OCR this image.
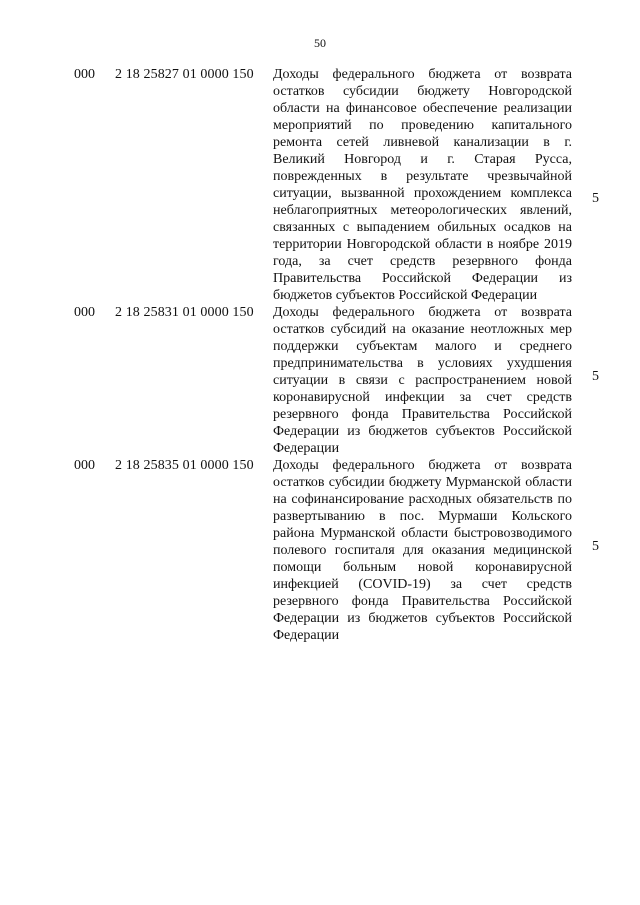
50
000 2 18 25827 01 0000 150 Доходы федерального бюджета от возврата остатков субсидии бюджету Новгородской области на финансовое обеспечение реализации мероприятий по проведению капитального ремонта сетей ливневой канализации в г. Великий Новгород и г. Старая Русса, поврежденных в результате чрезвычайной ситуации, вызванной прохождением комплекса неблагоприятных метеорологических явлений, связанных с выпадением обильных осадков на территории Новгородской области в ноябре 2019 года, за счет средств резервного фонда Правительства Российской Федерации из бюджетов субъектов Российской Федерации
5
000 2 18 25831 01 0000 150 Доходы федерального бюджета от возврата остатков субсидий на оказание неотложных мер поддержки субъектам малого и среднего предпринимательства в условиях ухудшения ситуации в связи с распространением новой коронавирусной инфекции за счет средств резервного фонда Правительства Российской Федерации из бюджетов субъектов Российской Федерации
5
000 2 18 25835 01 0000 150 Доходы федерального бюджета от возврата остатков субсидии бюджету Мурманской области на софинансирование расходных обязательств по развертыванию в пос. Мурмаши Кольского района Мурманской области быстровозводимого полевого госпиталя для оказания медицинской помощи больным новой коронавирусной инфекцией (COVID-19) за счет средств резервного фонда Правительства Российской Федерации из бюджетов субъектов Российской Федерации
5
